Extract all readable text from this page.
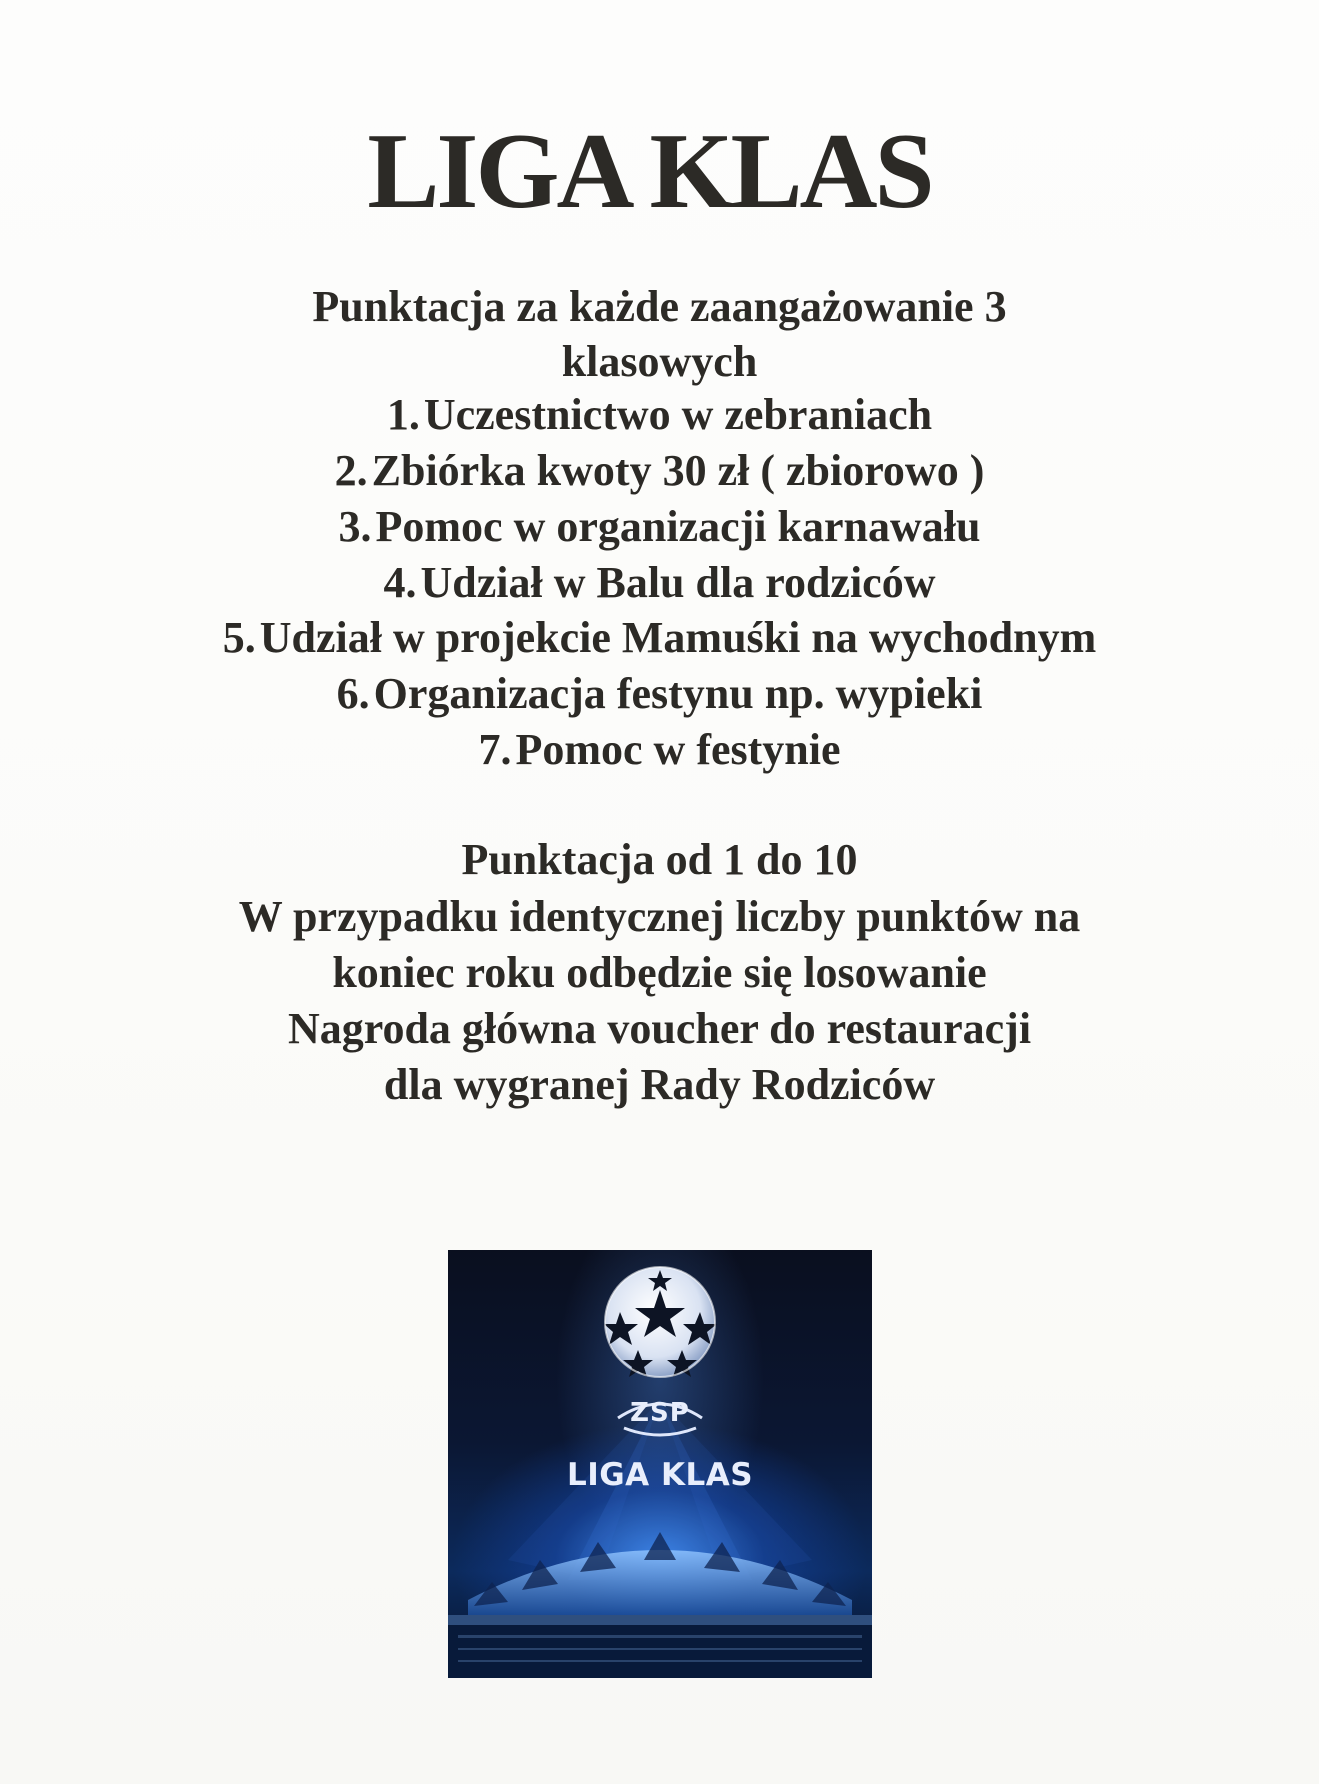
LIGA KLAS

Punktacja za każde zaangażowanie 3

klasowych

1.Uczestnictwo w zebraniach
2.Zbiórka kwoty 30 zł ( zbiorowo )
3.Pomoc w organizacji karnawału
4.Udział w Balu dla rodziców
5.Udział w projekcie Mamuśki na wychodnym
6.Organizacja festynu np. wypieki
7.Pomoc w festynie

Punktacja od 1 do 10

W przypadku identycznej liczby punktów na

koniec roku odbędzie się losowanie

Nagroda główna voucher do restauracji

dla wygranej Rady Rodziców

ZSP

LIGA KLAS
